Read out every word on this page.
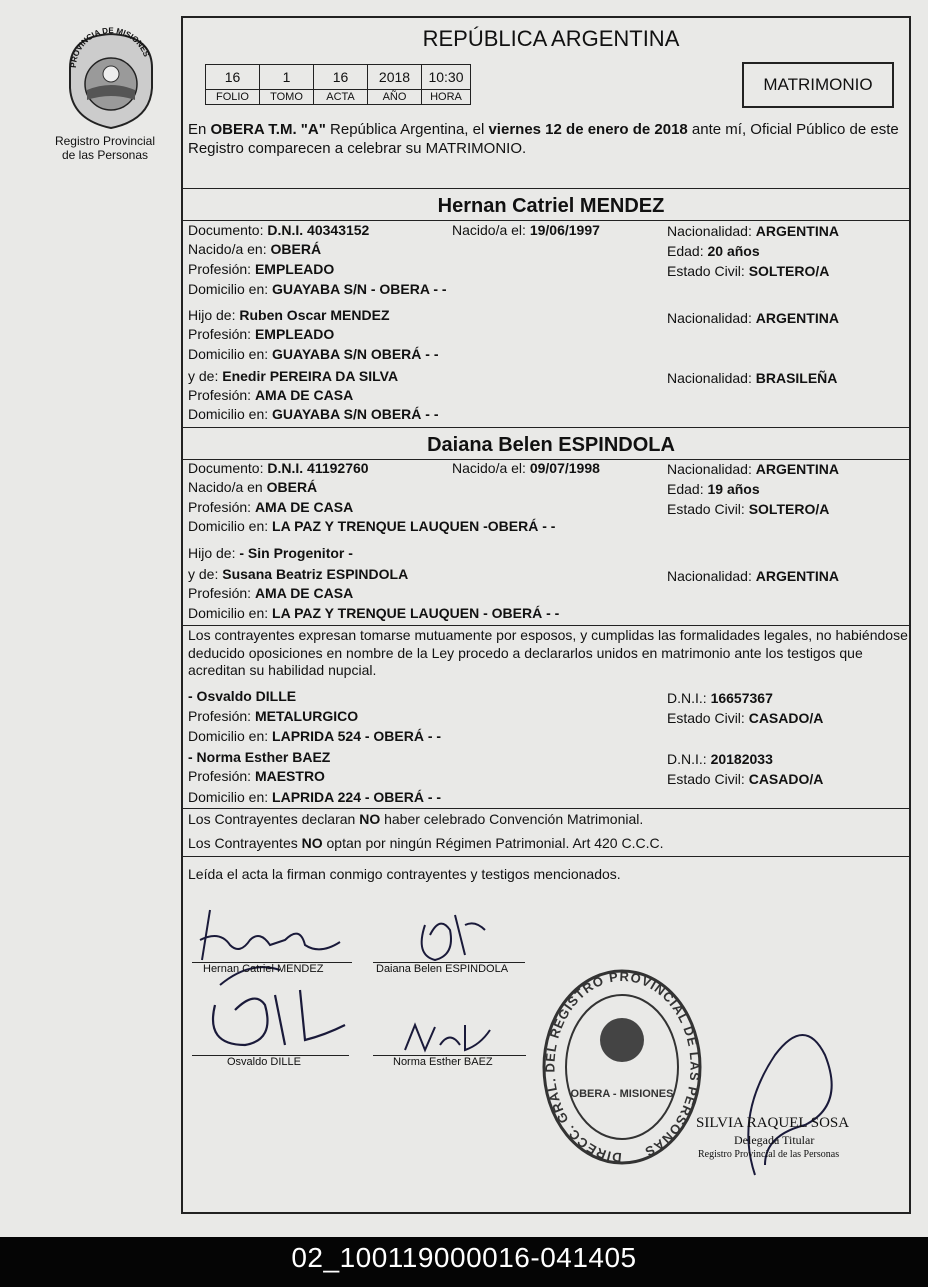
PROVINCIA DE MISIONES
Registro Provincial
de las Personas
REPÚBLICA ARGENTINA
16	1	16	2018	10:30
FOLIO	TOMO	ACTA	AÑO	HORA
MATRIMONIO
En OBERA T.M. "A" República Argentina, el viernes 12 de enero de 2018 ante mí, Oficial Público de este Registro comparecen a celebrar su MATRIMONIO.
Hernan Catriel MENDEZ
Documento: D.N.I. 40343152	Nacido/a el: 19/06/1997	Nacionalidad: ARGENTINA
Nacido/a en: OBERÁ	Edad: 20 años
Profesión: EMPLEADO	Estado Civil: SOLTERO/A
Domicilio en: GUAYABA S/N - OBERA - -
Hijo de: Ruben Oscar MENDEZ	Nacionalidad: ARGENTINA
Profesión: EMPLEADO
Domicilio en: GUAYABA S/N OBERÁ - -
y de: Enedir PEREIRA DA SILVA	Nacionalidad: BRASILEÑA
Profesión: AMA DE CASA
Domicilio en: GUAYABA S/N OBERÁ - -
Daiana Belen ESPINDOLA
Documento: D.N.I. 41192760	Nacido/a el: 09/07/1998	Nacionalidad: ARGENTINA
Nacido/a en OBERÁ	Edad: 19 años
Profesión: AMA DE CASA	Estado Civil: SOLTERO/A
Domicilio en: LA PAZ Y TRENQUE LAUQUEN -OBERÁ - -
Hijo de: - Sin Progenitor -
y de: Susana Beatriz ESPINDOLA	Nacionalidad: ARGENTINA
Profesión: AMA DE CASA
Domicilio en: LA PAZ Y TRENQUE LAUQUEN - OBERÁ - -
Los contrayentes expresan tomarse mutuamente por esposos, y cumplidas las formalidades legales, no habiéndose deducido oposiciones en nombre de la Ley procedo a declararlos unidos en matrimonio ante los testigos que acreditan su habilidad nupcial.
- Osvaldo DILLE	D.N.I.: 16657367
Profesión: METALURGICO	Estado Civil: CASADO/A
Domicilio en: LAPRIDA 524 - OBERÁ - -
- Norma Esther BAEZ	D.N.I.: 20182033
Profesión: MAESTRO	Estado Civil: CASADO/A
Domicilio en: LAPRIDA 224 - OBERÁ - -
Los Contrayentes declaran NO haber celebrado Convención Matrimonial.
Los Contrayentes NO optan por ningún Régimen Patrimonial. Art 420 C.C.C.
Leída el acta la firman conmigo contrayentes y testigos mencionados.
Hernan Catriel MENDEZ	Daiana Belen ESPINDOLA
Osvaldo DILLE	Norma Esther BAEZ
DIRECC. GRAL. DEL REGISTRO PROVINCIAL DE LAS PERSONAS
OBERA - MISIONES
SILVIA RAQUEL SOSA
Delegada Titular
Registro Provincial de las Personas
02_100119000016-041405
